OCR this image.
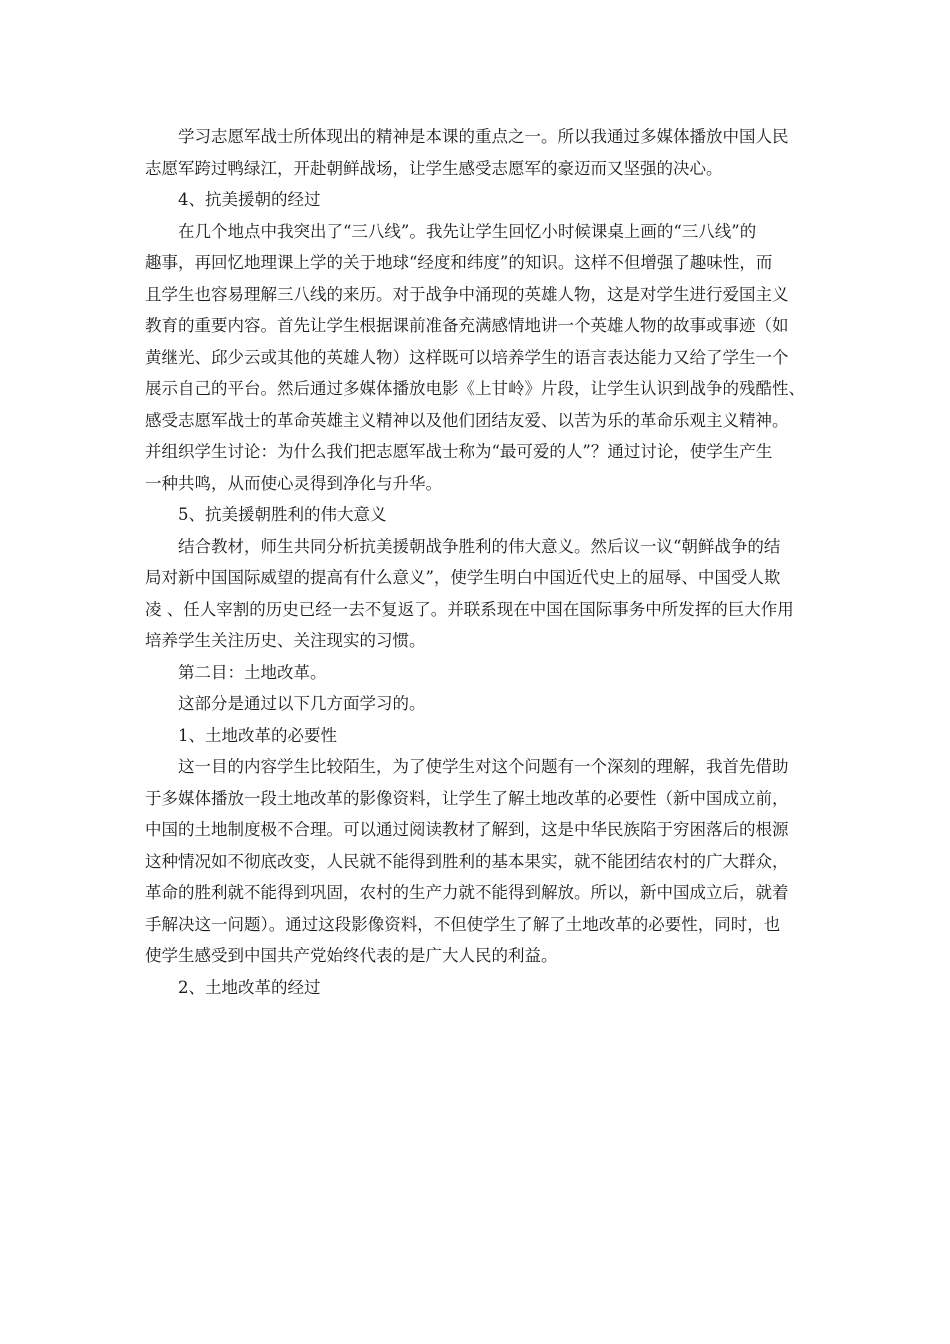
学习志愿军战士所体现出的精神是本课的重点之一。所以我通过多媒体播放中国人民
志愿军跨过鸭绿江，开赴朝鲜战场，让学生感受志愿军的豪迈而又坚强的决心。
4、抗美援朝的经过
在几个地点中我突出了“三八线”。我先让学生回忆小时候课桌上画的“三八线”的
趣事，再回忆地理课上学的关于地球“经度和纬度”的知识。这样不但增强了趣味性，而
且学生也容易理解三八线的来历。对于战争中涌现的英雄人物，这是对学生进行爱国主义
教育的重要内容。首先让学生根据课前准备充满感情地讲一个英雄人物的故事或事迹（如
黄继光、邱少云或其他的英雄人物）这样既可以培养学生的语言表达能力又给了学生一个
展示自己的平台。然后通过多媒体播放电影《上甘岭》片段，让学生认识到战争的残酷性、
感受志愿军战士的革命英雄主义精神以及他们团结友爱、以苦为乐的革命乐观主义精神。
并组织学生讨论：为什么我们把志愿军战士称为“最可爱的人”？通过讨论，使学生产生
一种共鸣，从而使心灵得到净化与升华。
5、抗美援朝胜利的伟大意义
结合教材，师生共同分析抗美援朝战争胜利的伟大意义。然后议一议“朝鲜战争的结
局对新中国国际威望的提高有什么意义”，使学生明白中国近代史上的屈辱、中国受人欺
凌 、任人宰割的历史已经一去不复返了。并联系现在中国在国际事务中所发挥的巨大作用
培养学生关注历史、关注现实的习惯。
第二目：土地改革。
这部分是通过以下几方面学习的。
1、土地改革的必要性
这一目的内容学生比较陌生，为了使学生对这个问题有一个深刻的理解，我首先借助
于多媒体播放一段土地改革的影像资料，让学生了解土地改革的必要性（新中国成立前，
中国的土地制度极不合理。可以通过阅读教材了解到，这是中华民族陷于穷困落后的根源
这种情况如不彻底改变，人民就不能得到胜利的基本果实，就不能团结农村的广大群众，
革命的胜利就不能得到巩固，农村的生产力就不能得到解放。所以，新中国成立后，就着
手解决这一问题）。通过这段影像资料，不但使学生了解了土地改革的必要性，同时，也
使学生感受到中国共产党始终代表的是广大人民的利益。
2、土地改革的经过
